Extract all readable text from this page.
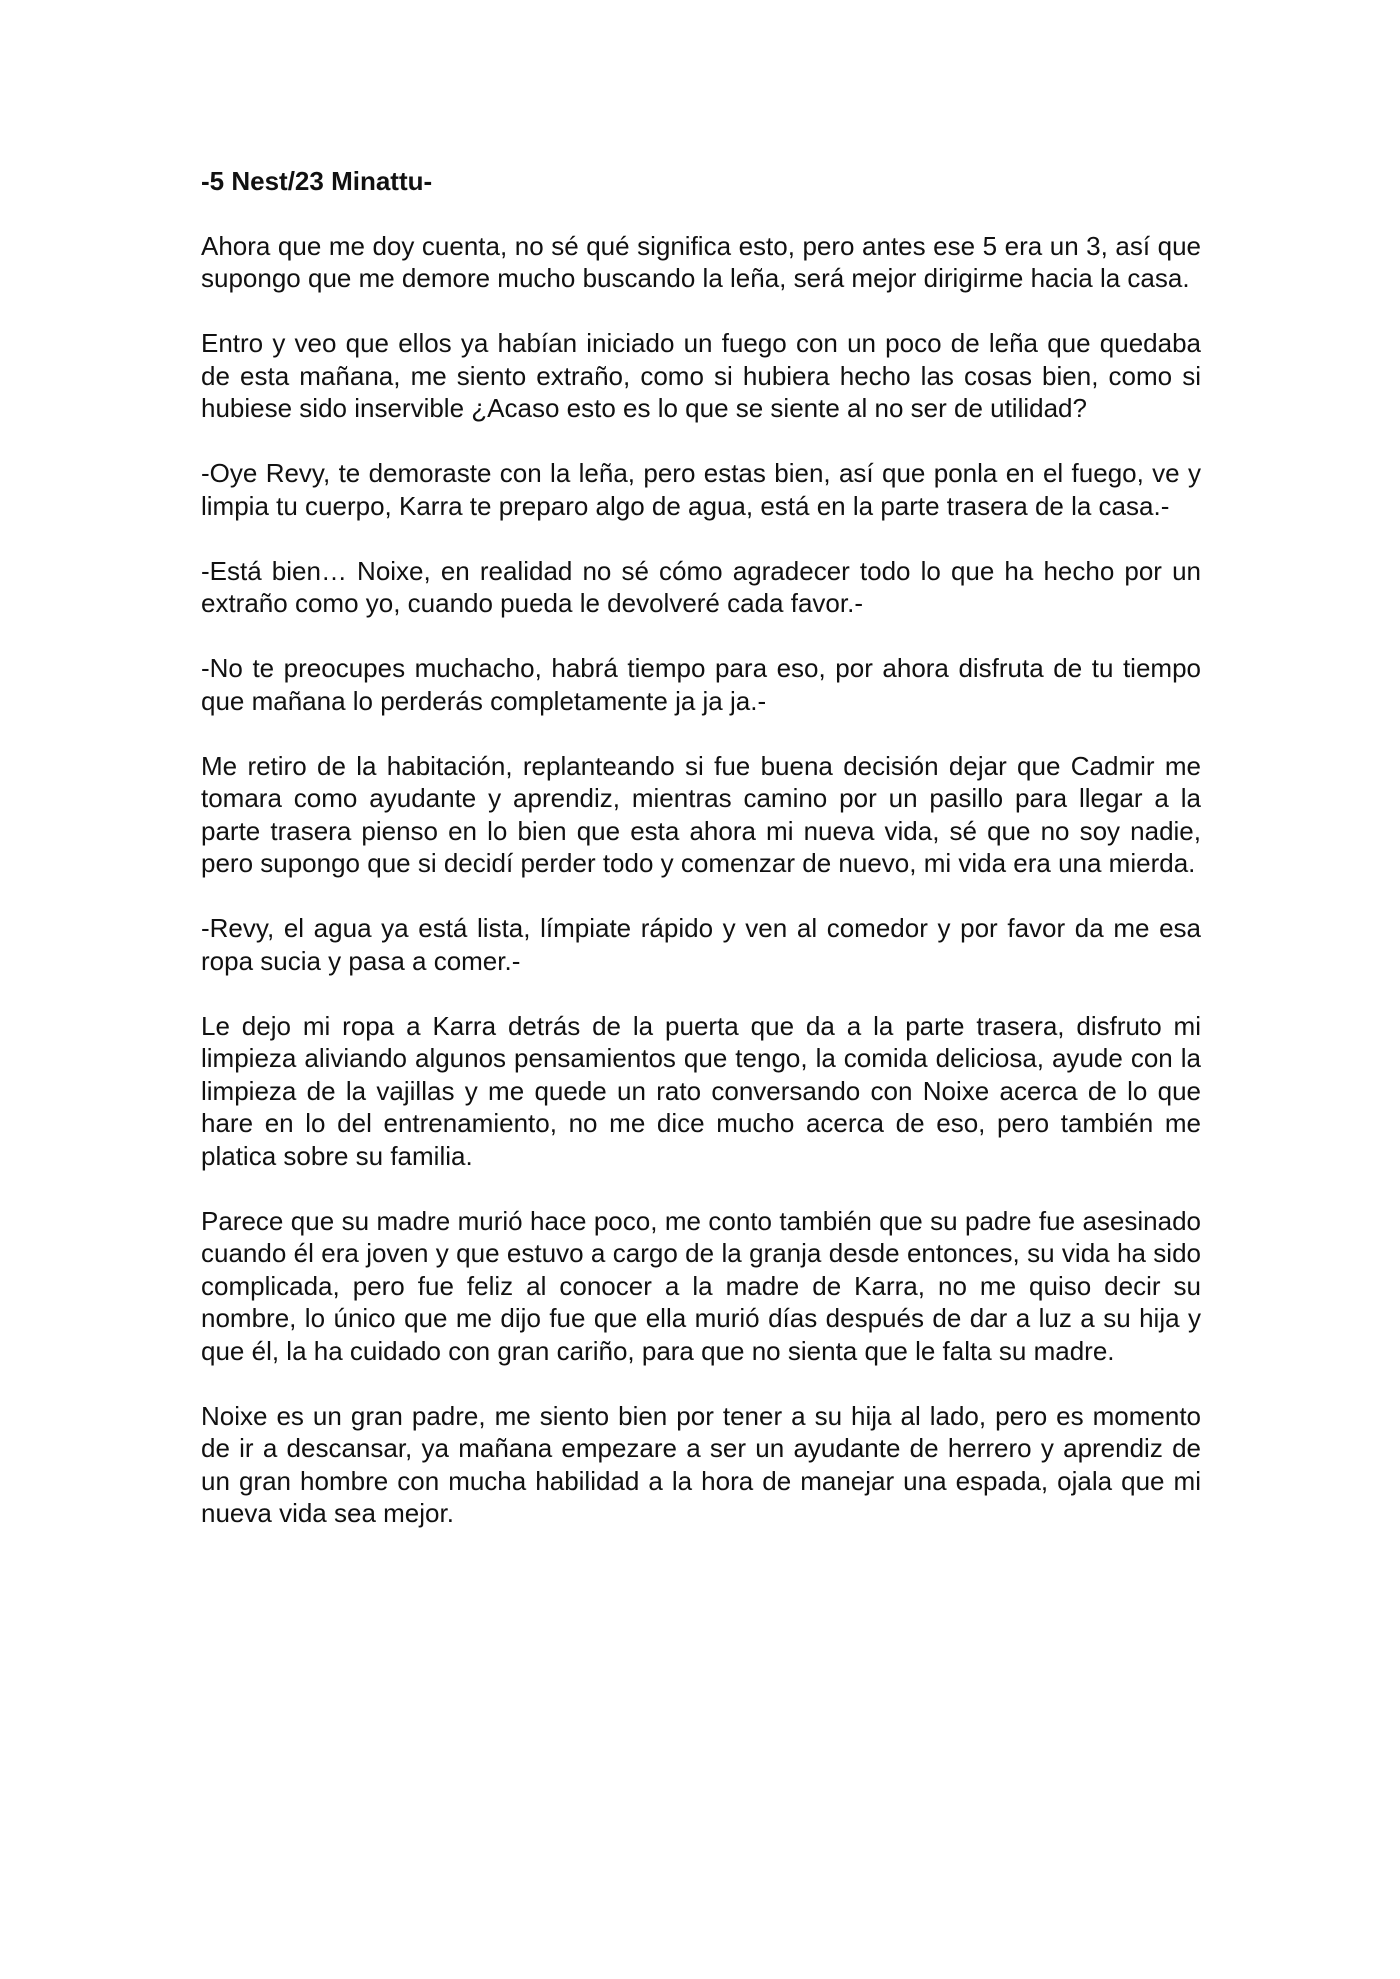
-5 Nest/23 Minattu-

Ahora que me doy cuenta, no sé qué significa esto, pero antes ese 5 era un 3, así que supongo que me demore mucho buscando la leña, será mejor dirigirme hacia la casa.

Entro y veo que ellos ya habían iniciado un fuego con un poco de leña que quedaba de esta mañana, me siento extraño, como si hubiera hecho las cosas bien, como si hubiese sido inservible ¿Acaso esto es lo que se siente al no ser de utilidad?

-Oye Revy, te demoraste con la leña, pero estas bien, así que ponla en el fuego, ve y limpia tu cuerpo, Karra te preparo algo de agua, está en la parte trasera de la casa.-

-Está bien… Noixe, en realidad no sé cómo agradecer todo lo que ha hecho por un extraño como yo, cuando pueda le devolveré cada favor.-

-No te preocupes muchacho, habrá tiempo para eso, por ahora disfruta de tu tiempo que mañana lo perderás completamente ja ja ja.-

Me retiro de la habitación, replanteando si fue buena decisión dejar que Cadmir me tomara como ayudante y aprendiz, mientras camino por un pasillo para llegar a la parte trasera pienso en lo bien que esta ahora mi nueva vida, sé que no soy nadie, pero supongo que si decidí perder todo y comenzar de nuevo, mi vida era una mierda.

-Revy, el agua ya está lista, límpiate rápido y ven al comedor y por favor da me esa ropa sucia y pasa a comer.-

Le dejo mi ropa a Karra detrás de la puerta que da a la parte trasera, disfruto mi limpieza aliviando algunos pensamientos que tengo, la comida deliciosa, ayude con la limpieza de la vajillas y me quede un rato conversando con Noixe acerca de lo que hare en lo del entrenamiento, no me dice mucho acerca de eso, pero también me platica sobre su familia.

Parece que su madre murió hace poco, me conto también que su padre fue asesinado cuando él era joven y que estuvo a cargo de la granja desde entonces, su vida ha sido complicada, pero fue feliz al conocer a la madre de Karra, no me quiso decir su nombre, lo único que me dijo fue que ella murió días después de dar a luz a su hija y que él, la ha cuidado con gran cariño, para que no sienta que le falta su madre.

Noixe es un gran padre, me siento bien por tener a su hija al lado, pero es momento de ir a descansar, ya mañana empezare a ser un ayudante de herrero y aprendiz de un gran hombre con mucha habilidad a la hora de manejar una espada, ojala que mi nueva vida sea mejor.
